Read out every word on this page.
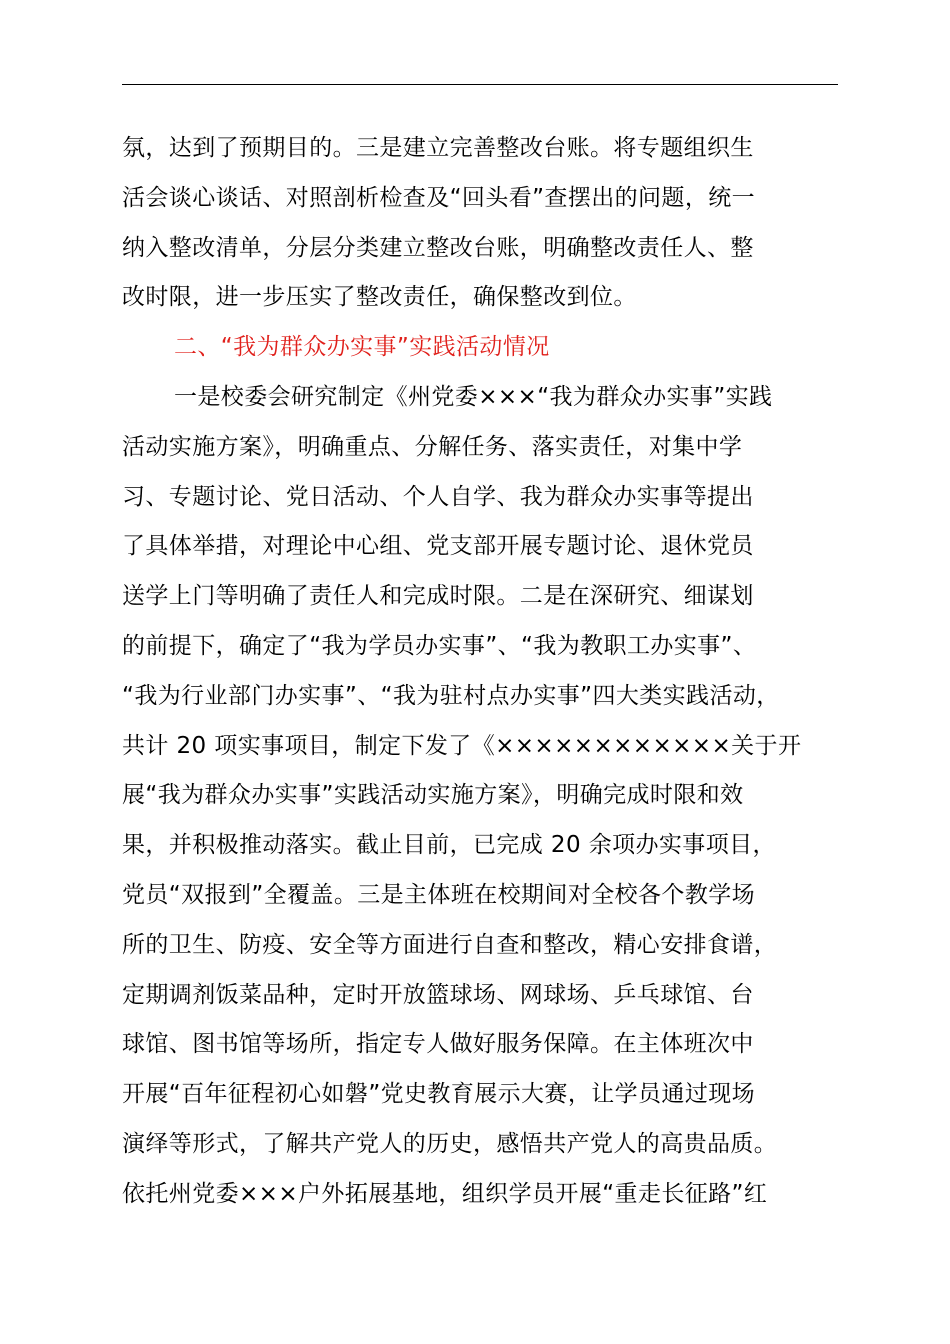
氛，达到了预期目的。三是建立完善整改台账。将专题组织生
活会谈心谈话、对照剖析检查及“回头看”查摆出的问题，统一
纳入整改清单，分层分类建立整改台账，明确整改责任人、整
改时限，进一步压实了整改责任，确保整改到位。
二、“我为群众办实事”实践活动情况
一是校委会研究制定《州党委×××“我为群众办实事”实践
活动实施方案》，明确重点、分解任务、落实责任，对集中学
习、专题讨论、党日活动、个人自学、我为群众办实事等提出
了具体举措，对理论中心组、党支部开展专题讨论、退休党员
送学上门等明确了责任人和完成时限。二是在深研究、细谋划
的前提下，确定了“我为学员办实事”、“我为教职工办实事”、
“我为行业部门办实事”、“我为驻村点办实事”四大类实践活动，
共计 20 项实事项目，制定下发了《××××××××××××关于开
展“我为群众办实事”实践活动实施方案》，明确完成时限和效
果，并积极推动落实。截止目前，已完成 20 余项办实事项目，
党员“双报到”全覆盖。三是主体班在校期间对全校各个教学场
所的卫生、防疫、安全等方面进行自查和整改，精心安排食谱，
定期调剂饭菜品种，定时开放篮球场、网球场、乒乓球馆、台
球馆、图书馆等场所，指定专人做好服务保障。在主体班次中
开展“百年征程初心如磐”党史教育展示大赛，让学员通过现场
演绎等形式，了解共产党人的历史，感悟共产党人的高贵品质。
依托州党委×××户外拓展基地，组织学员开展“重走长征路”红
